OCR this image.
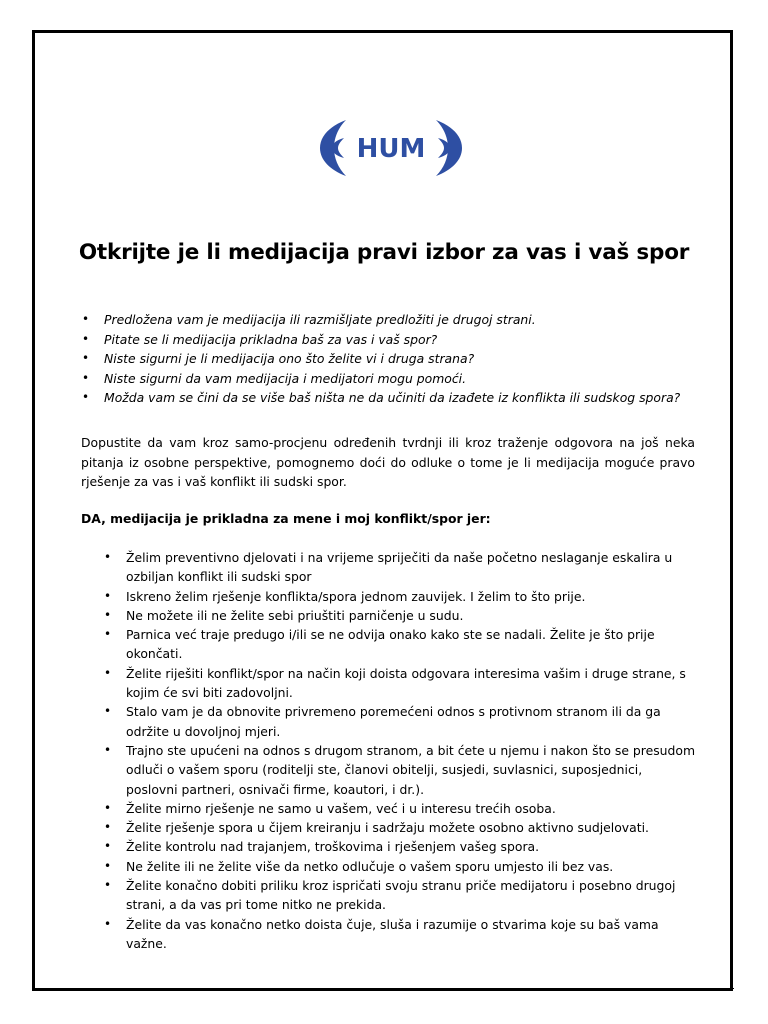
HUM
Otkrijte je li medijacija pravi izbor za vas i vaš spor
• Predložena vam je medijacija ili razmišljate predložiti je drugoj strani.
• Pitate se li medijacija prikladna baš za vas i vaš spor?
• Niste sigurni je li medijacija ono što želite vi i druga strana?
• Niste sigurni da vam medijacija i medijatori mogu pomoći.
• Možda vam se čini da se više baš ništa ne da učiniti da izađete iz konflikta ili sudskog spora?

Dopustite da vam kroz samo-procjenu određenih tvrdnji ili kroz traženje odgovora na još neka pitanja iz osobne perspektive, pomognemo doći do odluke o tome je li medijacija moguće pravo rješenje za vas i vaš konflikt ili sudski spor.

DA, medijacija je prikladna za mene i moj konflikt/spor jer:

• Želim preventivno djelovati i na vrijeme spriječiti da naše početno neslaganje eskalira u ozbiljan konflikt ili sudski spor
• Iskreno želim rješenje konflikta/spora jednom zauvijek. I želim to što prije.
• Ne možete ili ne želite sebi priuštiti parničenje u sudu.
• Parnica već traje predugo i/ili se ne odvija onako kako ste se nadali. Želite je što prije okončati.
• Želite riješiti konflikt/spor na način koji doista odgovara interesima vašim i druge strane, s kojim će svi biti zadovoljni.
• Stalo vam je da obnovite privremeno poremećeni odnos s protivnom stranom ili da ga održite u dovoljnoj mjeri.
• Trajno ste upućeni na odnos s drugom stranom, a bit ćete u njemu i nakon što se presudom odluči o vašem sporu (roditelji ste, članovi obitelji, susjedi, suvlasnici, suposjednici, poslovni partneri, osnivači firme, koautori, i dr.).
• Želite mirno rješenje ne samo u vašem, već i u interesu trećih osoba.
• Želite rješenje spora u čijem kreiranju i sadržaju možete osobno aktivno sudjelovati.
• Želite kontrolu nad trajanjem, troškovima i rješenjem vašeg spora.
• Ne želite ili ne želite više da netko odlučuje o vašem sporu umjesto ili bez vas.
• Želite konačno dobiti priliku kroz ispričati svoju stranu priče medijatoru i posebno drugoj strani, a da vas pri tome nitko ne prekida.
• Želite da vas konačno netko doista čuje, sluša i razumije o stvarima koje su baš vama važne.
